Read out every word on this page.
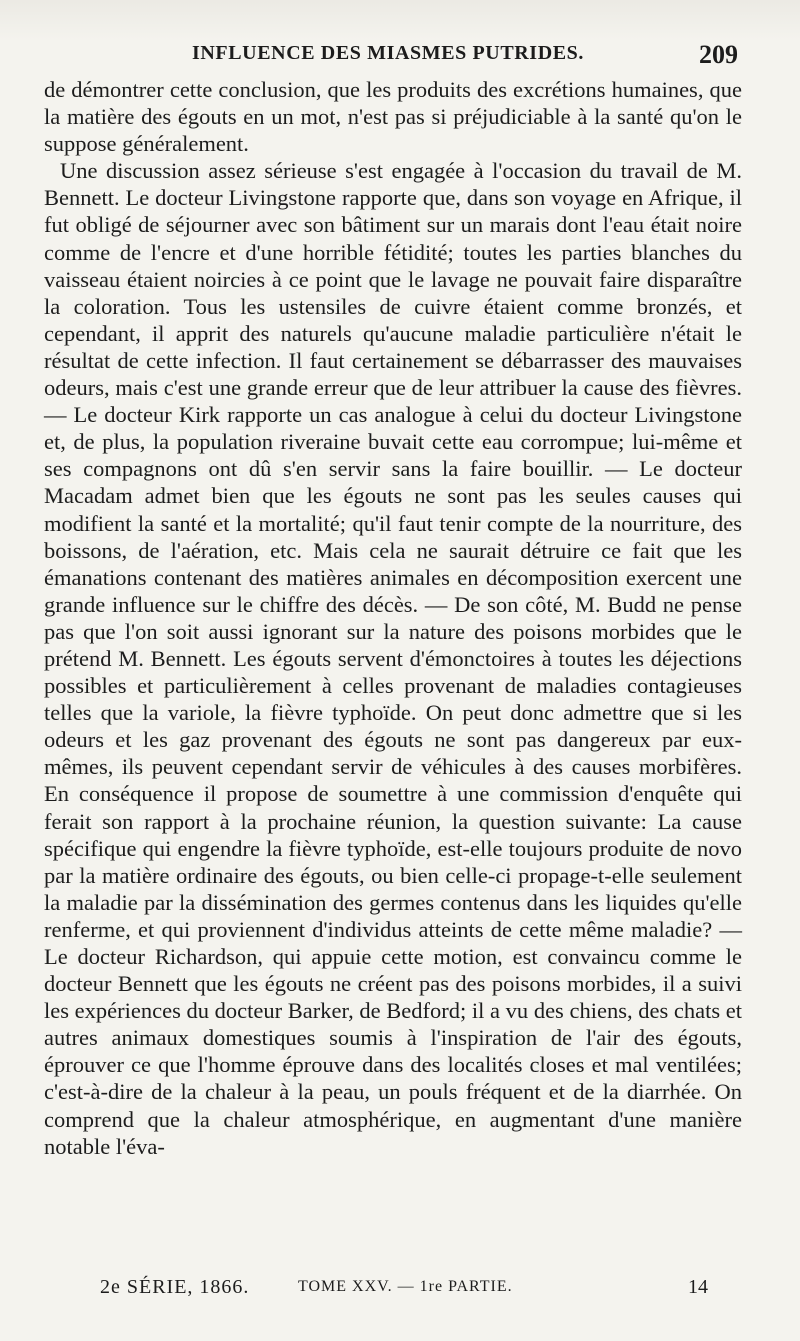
INFLUENCE DES MIASMES PUTRIDES.	209

de démontrer cette conclusion, que les produits des excrétions humaines, que la matière des égouts en un mot, n'est pas si préjudiciable à la santé qu'on le suppose généralement.

Une discussion assez sérieuse s'est engagée à l'occasion du travail de M. Bennett. Le docteur Livingstone rapporte que, dans son voyage en Afrique, il fut obligé de séjourner avec son bâtiment sur un marais dont l'eau était noire comme de l'encre et d'une horrible fétidité; toutes les parties blanches du vaisseau étaient noircies à ce point que le lavage ne pouvait faire disparaître la coloration. Tous les ustensiles de cuivre étaient comme bronzés, et cependant, il apprit des naturels qu'aucune maladie particulière n'était le résultat de cette infection. Il faut certainement se débarrasser des mauvaises odeurs, mais c'est une grande erreur que de leur attribuer la cause des fièvres. — Le docteur Kirk rapporte un cas analogue à celui du docteur Livingstone et, de plus, la population riveraine buvait cette eau corrompue; lui-même et ses compagnons ont dû s'en servir sans la faire bouillir. — Le docteur Macadam admet bien que les égouts ne sont pas les seules causes qui modifient la santé et la mortalité; qu'il faut tenir compte de la nourriture, des boissons, de l'aération, etc. Mais cela ne saurait détruire ce fait que les émanations contenant des matières animales en décomposition exercent une grande influence sur le chiffre des décès. — De son côté, M. Budd ne pense pas que l'on soit aussi ignorant sur la nature des poisons morbides que le prétend M. Bennett. Les égouts servent d'émonctoires à toutes les déjections possibles et particulièrement à celles provenant de maladies contagieuses telles que la variole, la fièvre typhoïde. On peut donc admettre que si les odeurs et les gaz provenant des égouts ne sont pas dangereux par eux-mêmes, ils peuvent cependant servir de véhicules à des causes morbifères. En conséquence il propose de soumettre à une commission d'enquête qui ferait son rapport à la prochaine réunion, la question suivante: La cause spécifique qui engendre la fièvre typhoïde, est-elle toujours produite de novo par la matière ordinaire des égouts, ou bien celle-ci propage-t-elle seulement la maladie par la dissémination des germes contenus dans les liquides qu'elle renferme, et qui proviennent d'individus atteints de cette même maladie? — Le docteur Richardson, qui appuie cette motion, est convaincu comme le docteur Bennett que les égouts ne créent pas des poisons morbides, il a suivi les expériences du docteur Barker, de Bedford; il a vu des chiens, des chats et autres animaux domestiques soumis à l'inspiration de l'air des égouts, éprouver ce que l'homme éprouve dans des localités closes et mal ventilées; c'est-à-dire de la chaleur à la peau, un pouls fréquent et de la diarrhée. On comprend que la chaleur atmosphérique, en augmentant d'une manière notable l'éva-

2e SÉRIE, 1866.	TOME XXV. — 1re PARTIE.	14
